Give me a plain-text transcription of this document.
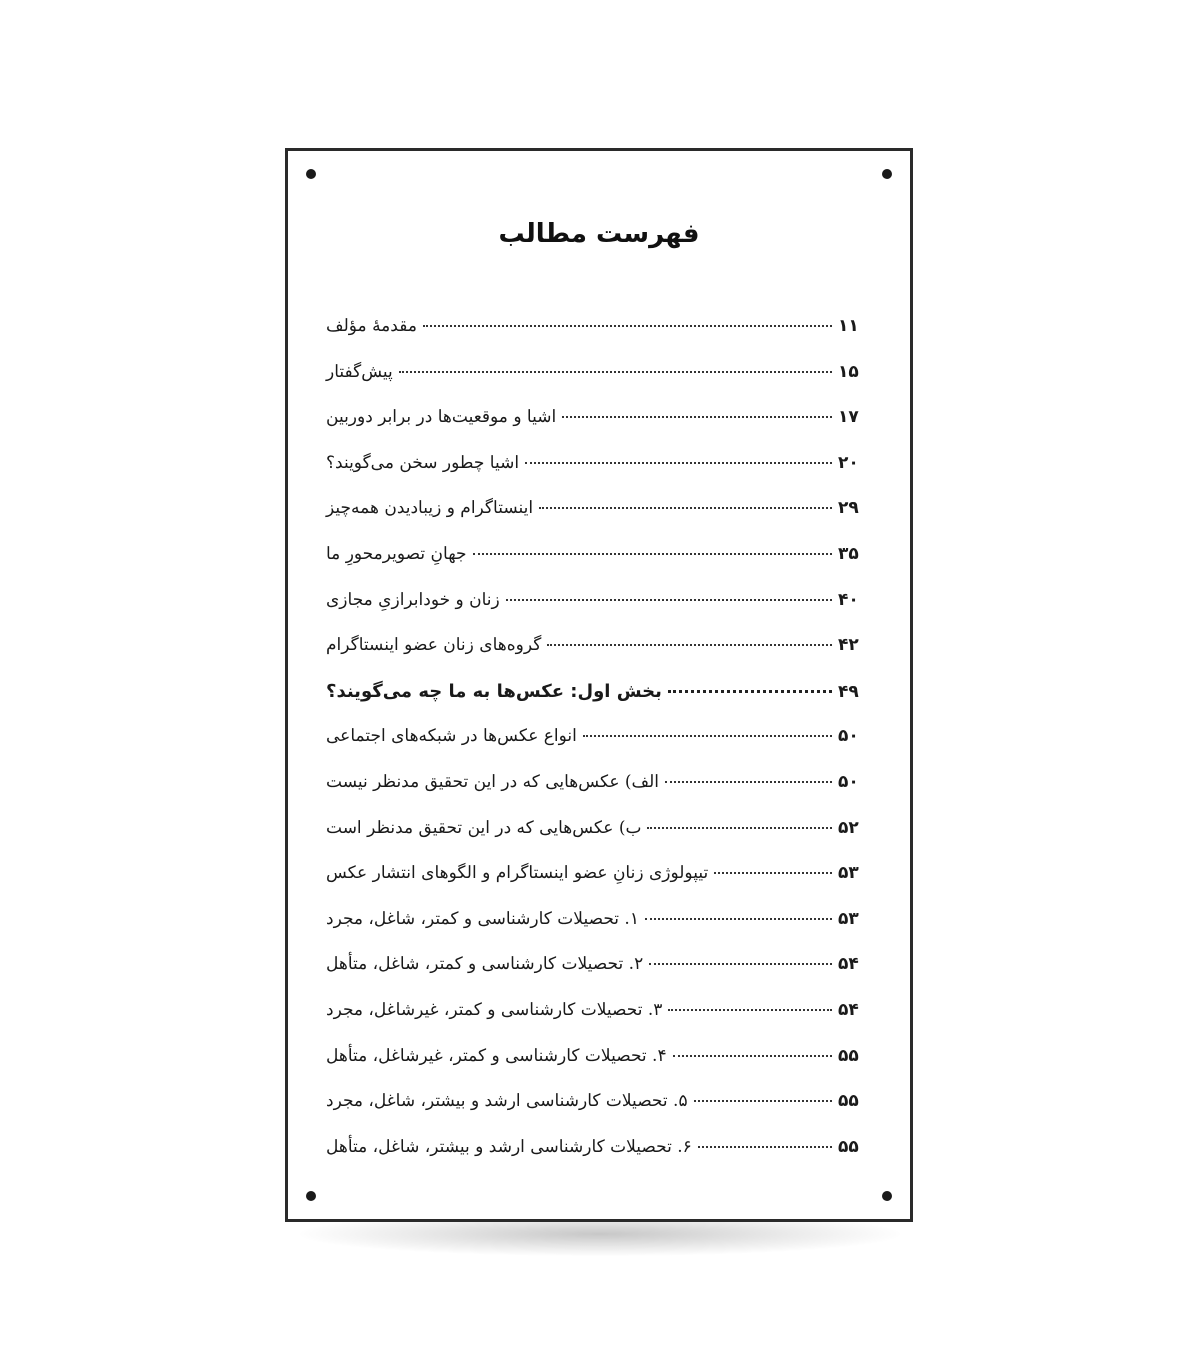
فهرست مطالب
مقدمهٔ مؤلف	۱۱
پیش‌گفتار	۱۵
اشیا و موقعیت‌ها در برابر دوربین	۱۷
اشیا چطور سخن می‌گویند؟	۲۰
اینستاگرام و زیبادیدن همه‌چیز	۲۹
جهانِ تصویرمحورِ ما	۳۵
زنان و خودابرازیِ مجازی	۴۰
گروه‌های زنان عضو اینستاگرام	۴۲
بخش اول: عکس‌ها به ما چه می‌گویند؟	۴۹
انواع عکس‌ها در شبکه‌های اجتماعی	۵۰
الف) عکس‌هایی که در این تحقیق مدنظر نیست	۵۰
ب) عکس‌هایی که در این تحقیق مدنظر است	۵۲
تیپولوژی زنانِ عضو اینستاگرام و الگوهای انتشار عکس	۵۳
۱. تحصیلات کارشناسی و کمتر، شاغل، مجرد	۵۳
۲. تحصیلات کارشناسی و کمتر، شاغل، متأهل	۵۴
۳. تحصیلات کارشناسی و کمتر، غیرشاغل، مجرد	۵۴
۴. تحصیلات کارشناسی و کمتر، غیرشاغل، متأهل	۵۵
۵. تحصیلات کارشناسی ارشد و بیشتر، شاغل، مجرد	۵۵
۶. تحصیلات کارشناسی ارشد و بیشتر، شاغل، متأهل	۵۵
